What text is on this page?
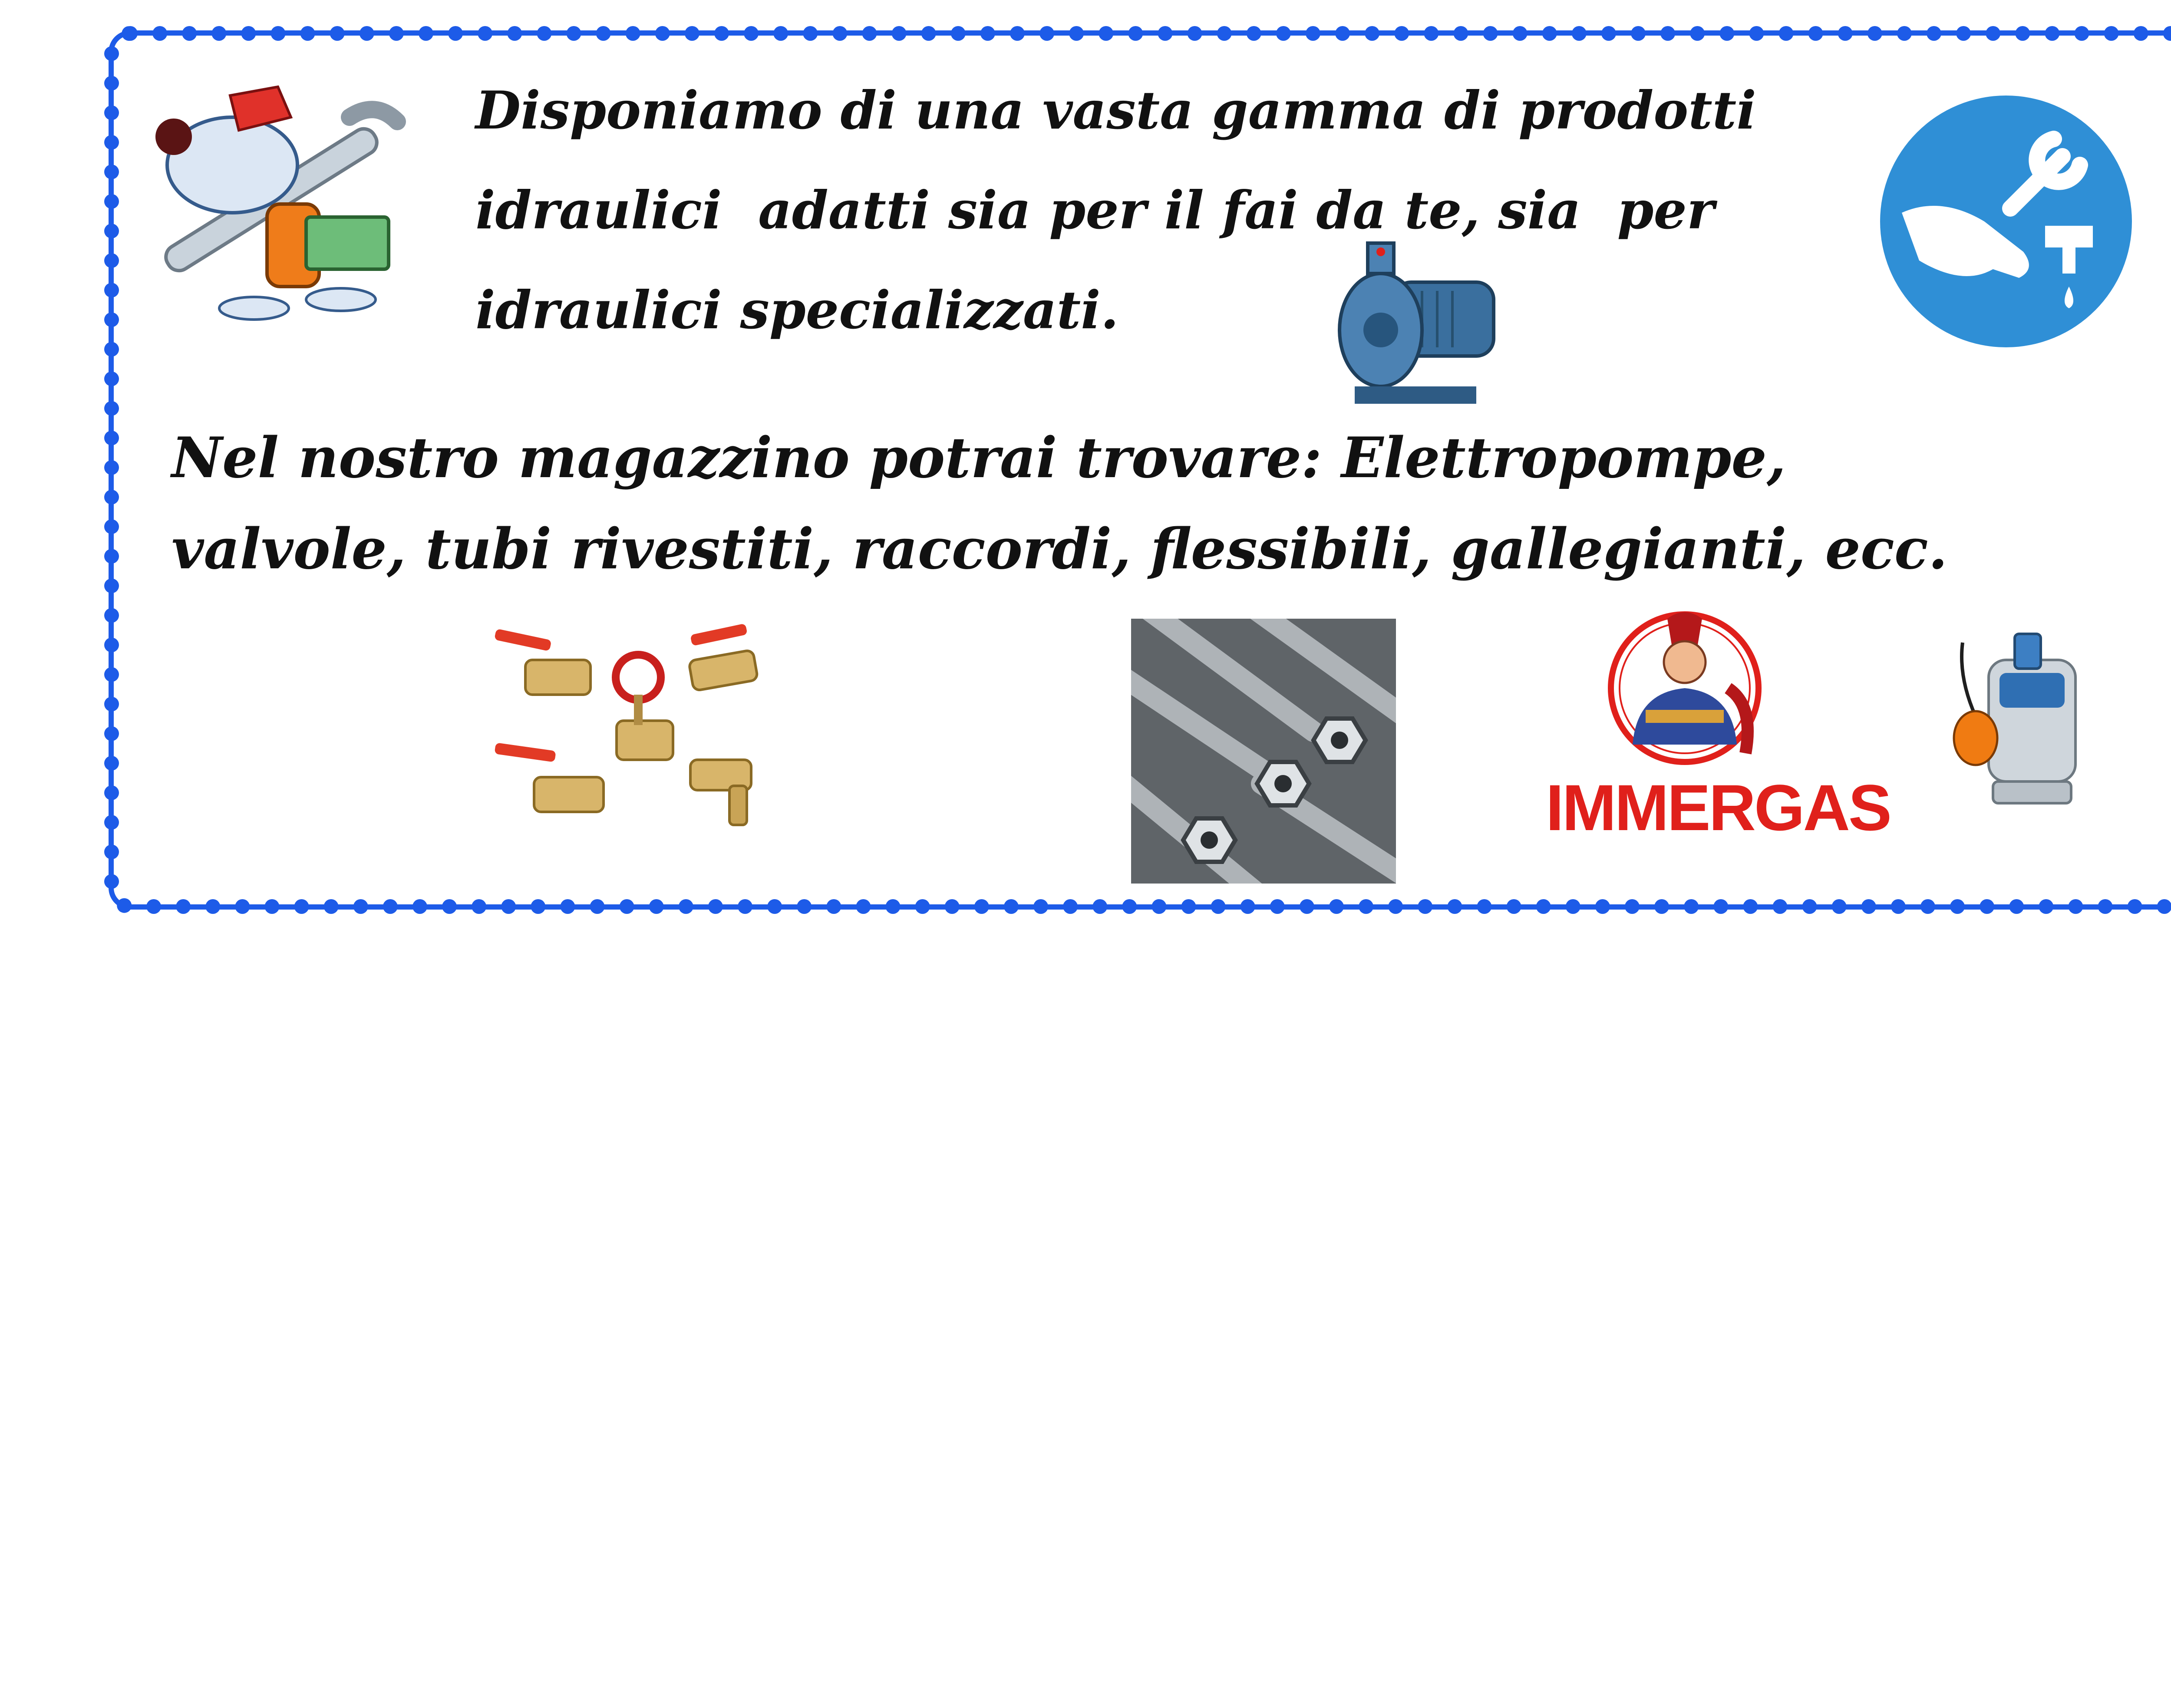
Disponiamo di una vasta gamma di prodotti
idraulici  adatti sia per il fai da te, sia  per
idraulici specializzati.
Nel nostro magazzino potrai trovare: Elettropompe,
valvole, tubi rivestiti, raccordi, flessibili, gallegianti, ecc.
IMMERGAS
